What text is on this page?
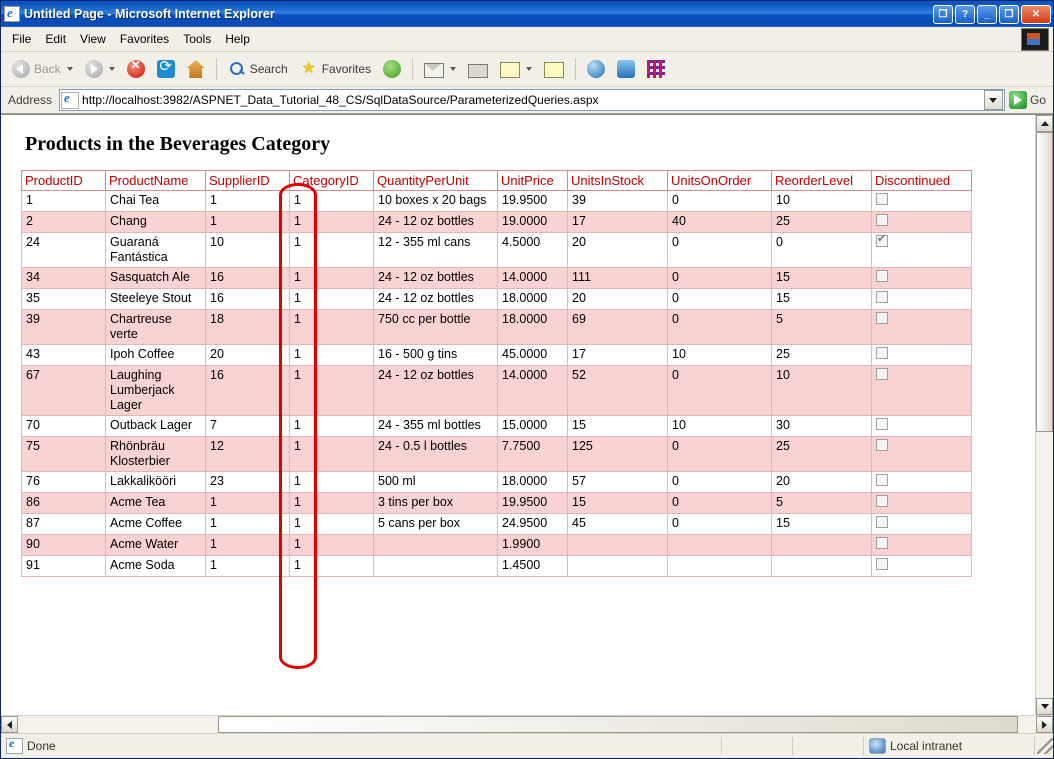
e
Untitled Page - Microsoft Internet Explorer	❐	?	_	❐	✕
File	Edit	View	Favorites	Tools	Help
Back ✕ ⟳	Search ★	Favorites
Address e	http://localhost:3982/ASPNET_Data_Tutorial_48_CS/SqlDataSource/ParameterizedQueries.aspx	Go
Products in the Beverages Category
ProductID	ProductName	SupplierID	CategoryID	QuantityPerUnit	UnitPrice	UnitsInStock	UnitsOnOrder	ReorderLevel	Discontinued
1	Chai Tea	1	1	10 boxes x 20 bags	19.9500	39	0	10	
2	Chang	1	1	24 - 12 oz bottles	19.0000	17	40	25	
24	Guaraná Fantástica	10	1	12 - 355 ml cans	4.5000	20	0	0	✔
34	Sasquatch Ale	16	1	24 - 12 oz bottles	14.0000	111	0	15	
35	Steeleye Stout	16	1	24 - 12 oz bottles	18.0000	20	0	15	
39	Chartreuse verte	18	1	750 cc per bottle	18.0000	69	0	5	
43	Ipoh Coffee	20	1	16 - 500 g tins	45.0000	17	10	25	
67	Laughing Lumberjack Lager	16	1	24 - 12 oz bottles	14.0000	52	0	10	
70	Outback Lager	7	1	24 - 355 ml bottles	15.0000	15	10	30	
75	Rhönbräu Klosterbier	12	1	24 - 0.5 l bottles	7.7500	125	0	25	
76	Lakkalikööri	23	1	500 ml	18.0000	57	0	20	
86	Acme Tea	1	1	3 tins per box	19.9500	15	0	5	
87	Acme Coffee	1	1	5 cans per box	24.9500	45	0	15	
90	Acme Water	1	1		1.9900				
91	Acme Soda	1	1		1.4500				
e
Done	Local intranet
